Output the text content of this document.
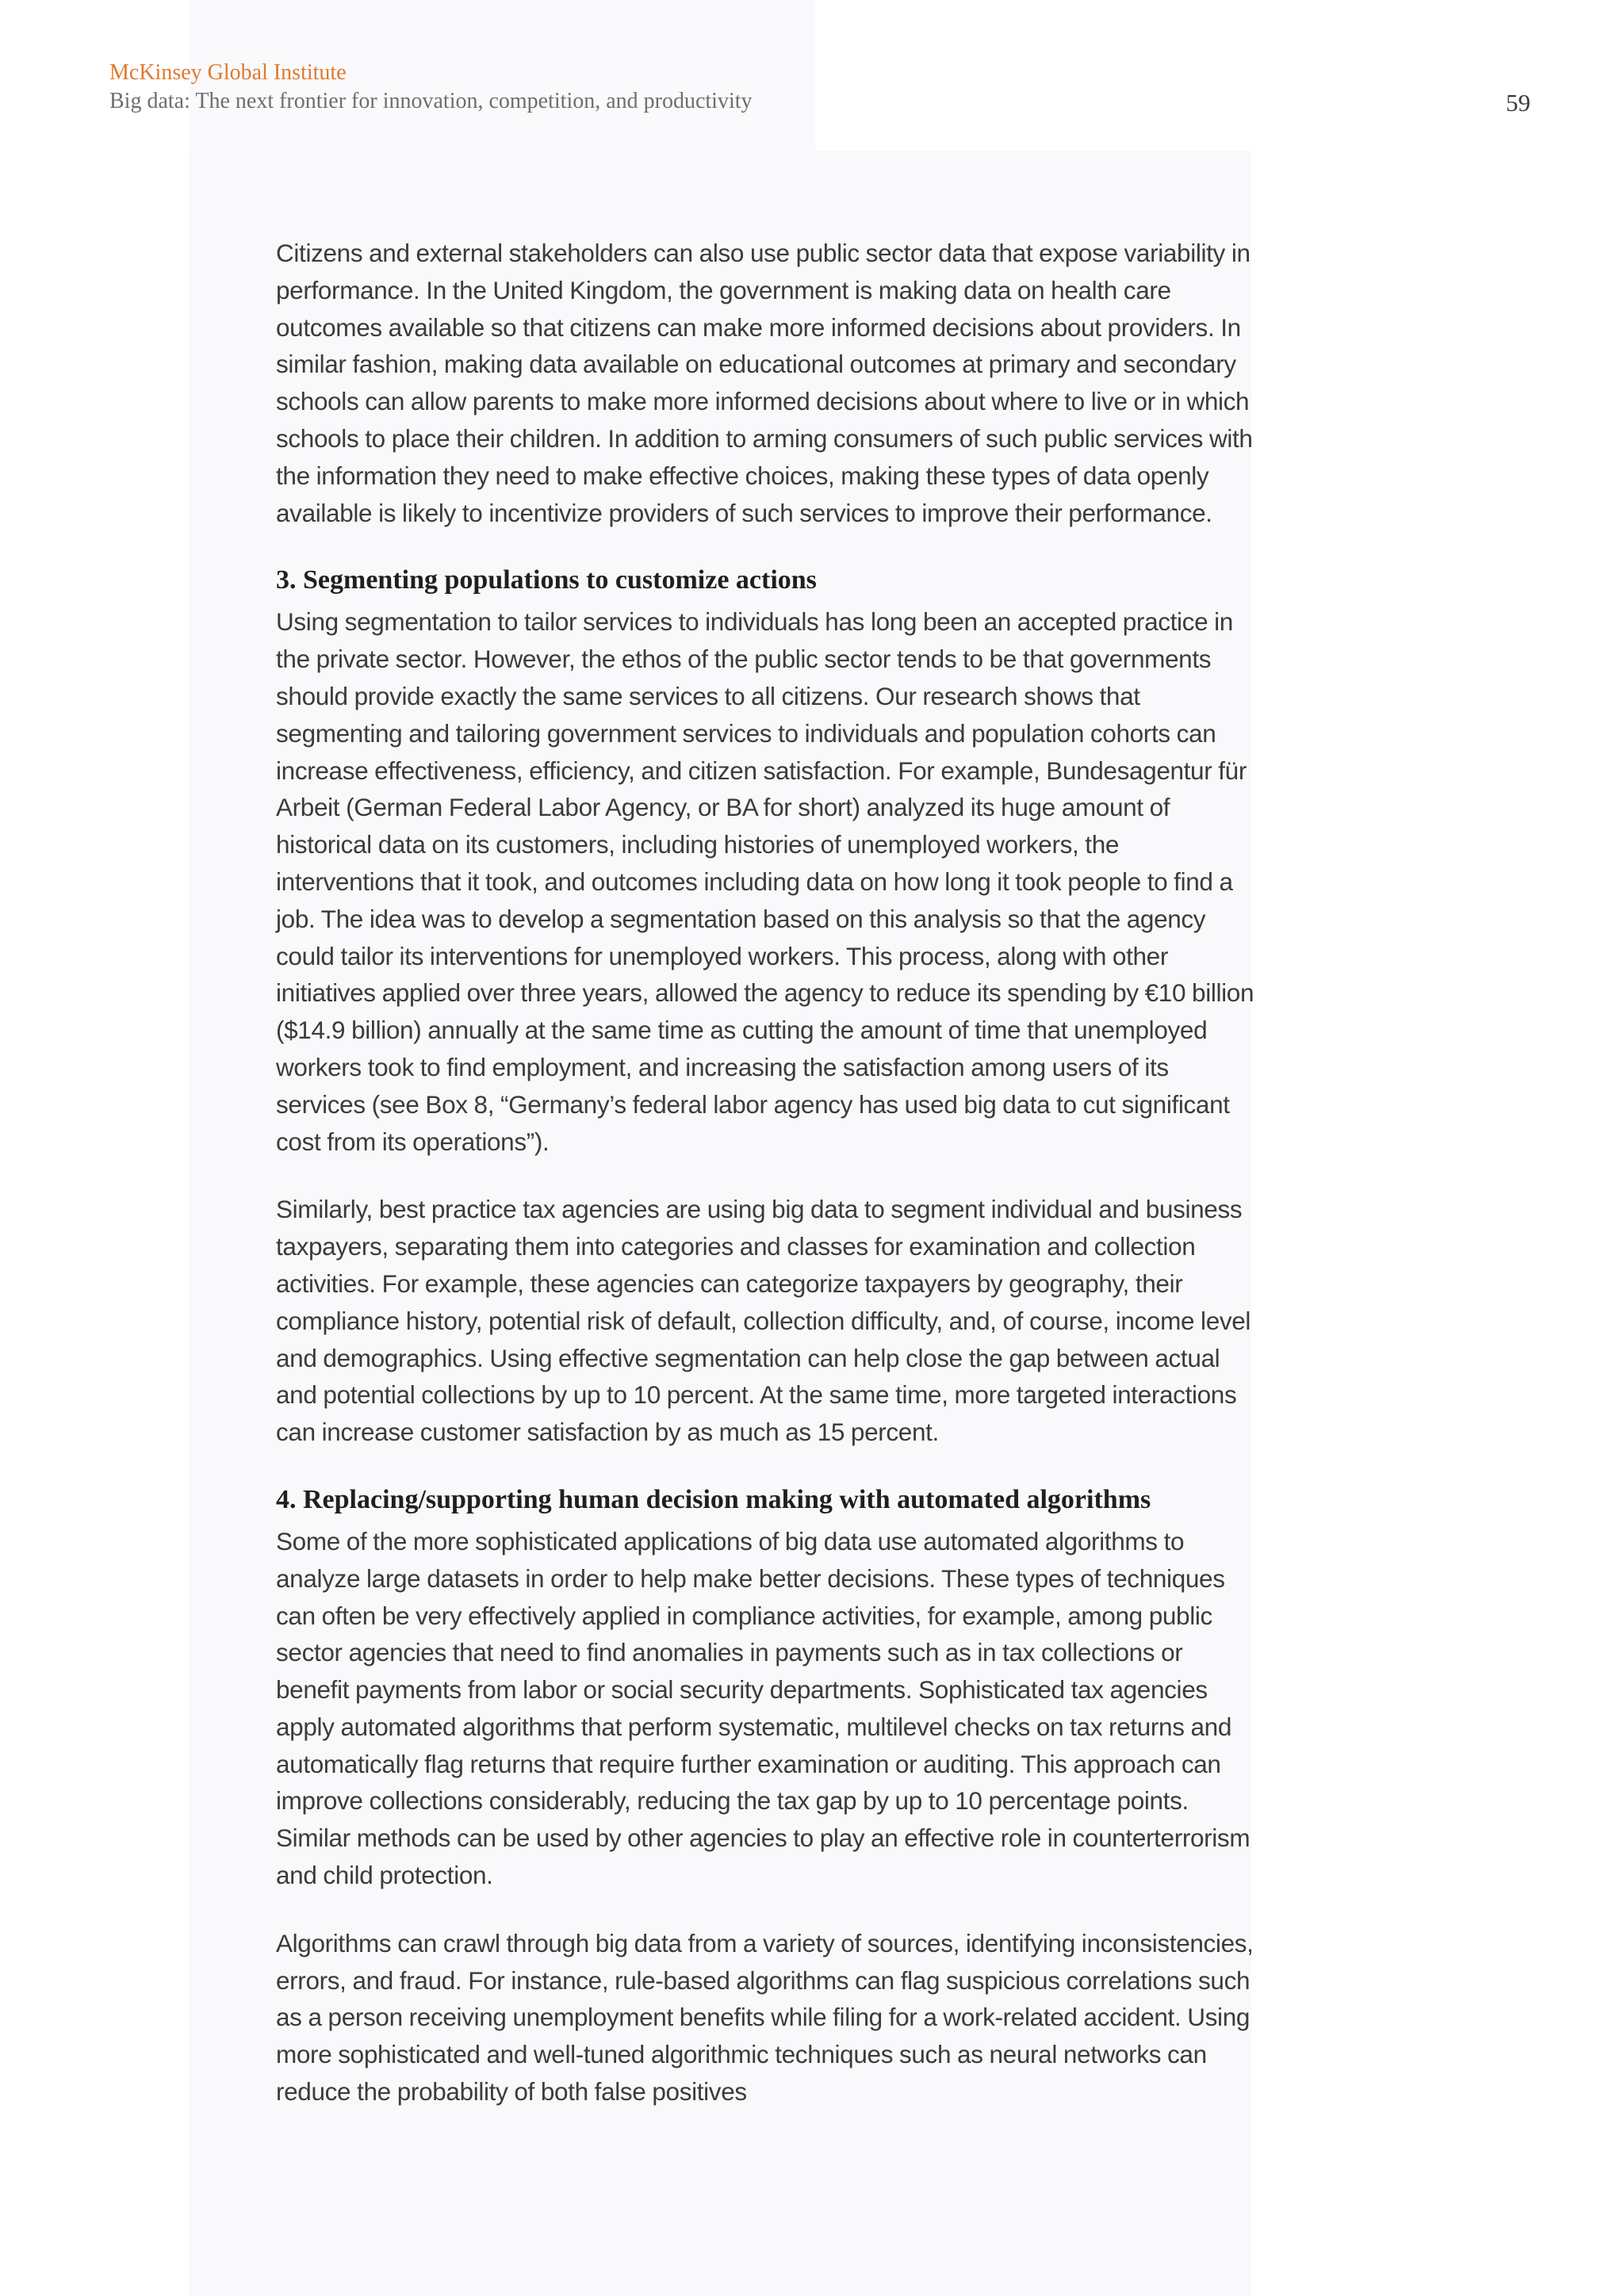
McKinsey Global Institute

Big data: The next frontier for innovation, competition, and productivity	59

Citizens and external stakeholders can also use public sector data that expose variability in performance. In the United Kingdom, the government is making data on health care outcomes available so that citizens can make more informed decisions about providers. In similar fashion, making data available on educational outcomes at primary and secondary schools can allow parents to make more informed decisions about where to live or in which schools to place their children. In addition to arming consumers of such public services with the information they need to make effective choices, making these types of data openly available is likely to incentivize providers of such services to improve their performance.

3. Segmenting populations to customize actions

Using segmentation to tailor services to individuals has long been an accepted practice in the private sector. However, the ethos of the public sector tends to be that governments should provide exactly the same services to all citizens. Our research shows that segmenting and tailoring government services to individuals and population cohorts can increase effectiveness, efficiency, and citizen satisfaction. For example, Bundesagentur für Arbeit (German Federal Labor Agency, or BA for short) analyzed its huge amount of historical data on its customers, including histories of unemployed workers, the interventions that it took, and outcomes including data on how long it took people to find a job. The idea was to develop a segmentation based on this analysis so that the agency could tailor its interventions for unemployed workers. This process, along with other initiatives applied over three years, allowed the agency to reduce its spending by €10 billion ($14.9 billion) annually at the same time as cutting the amount of time that unemployed workers took to find employment, and increasing the satisfaction among users of its services (see Box 8, “Germany’s federal labor agency has used big data to cut significant cost from its operations”).

Similarly, best practice tax agencies are using big data to segment individual and business taxpayers, separating them into categories and classes for examination and collection activities. For example, these agencies can categorize taxpayers by geography, their compliance history, potential risk of default, collection difficulty, and, of course, income level and demographics. Using effective segmentation can help close the gap between actual and potential collections by up to 10 percent. At the same time, more targeted interactions can increase customer satisfaction by as much as 15 percent.

4. Replacing/supporting human decision making with automated algorithms

Some of the more sophisticated applications of big data use automated algorithms to analyze large datasets in order to help make better decisions. These types of techniques can often be very effectively applied in compliance activities, for example, among public sector agencies that need to find anomalies in payments such as in tax collections or benefit payments from labor or social security departments. Sophisticated tax agencies apply automated algorithms that perform systematic, multilevel checks on tax returns and automatically flag returns that require further examination or auditing. This approach can improve collections considerably, reducing the tax gap by up to 10 percentage points. Similar methods can be used by other agencies to play an effective role in counterterrorism and child protection.

Algorithms can crawl through big data from a variety of sources, identifying inconsistencies, errors, and fraud. For instance, rule-based algorithms can flag suspicious correlations such as a person receiving unemployment benefits while filing for a work-related accident. Using more sophisticated and well-tuned algorithmic techniques such as neural networks can reduce the probability of both false positives
